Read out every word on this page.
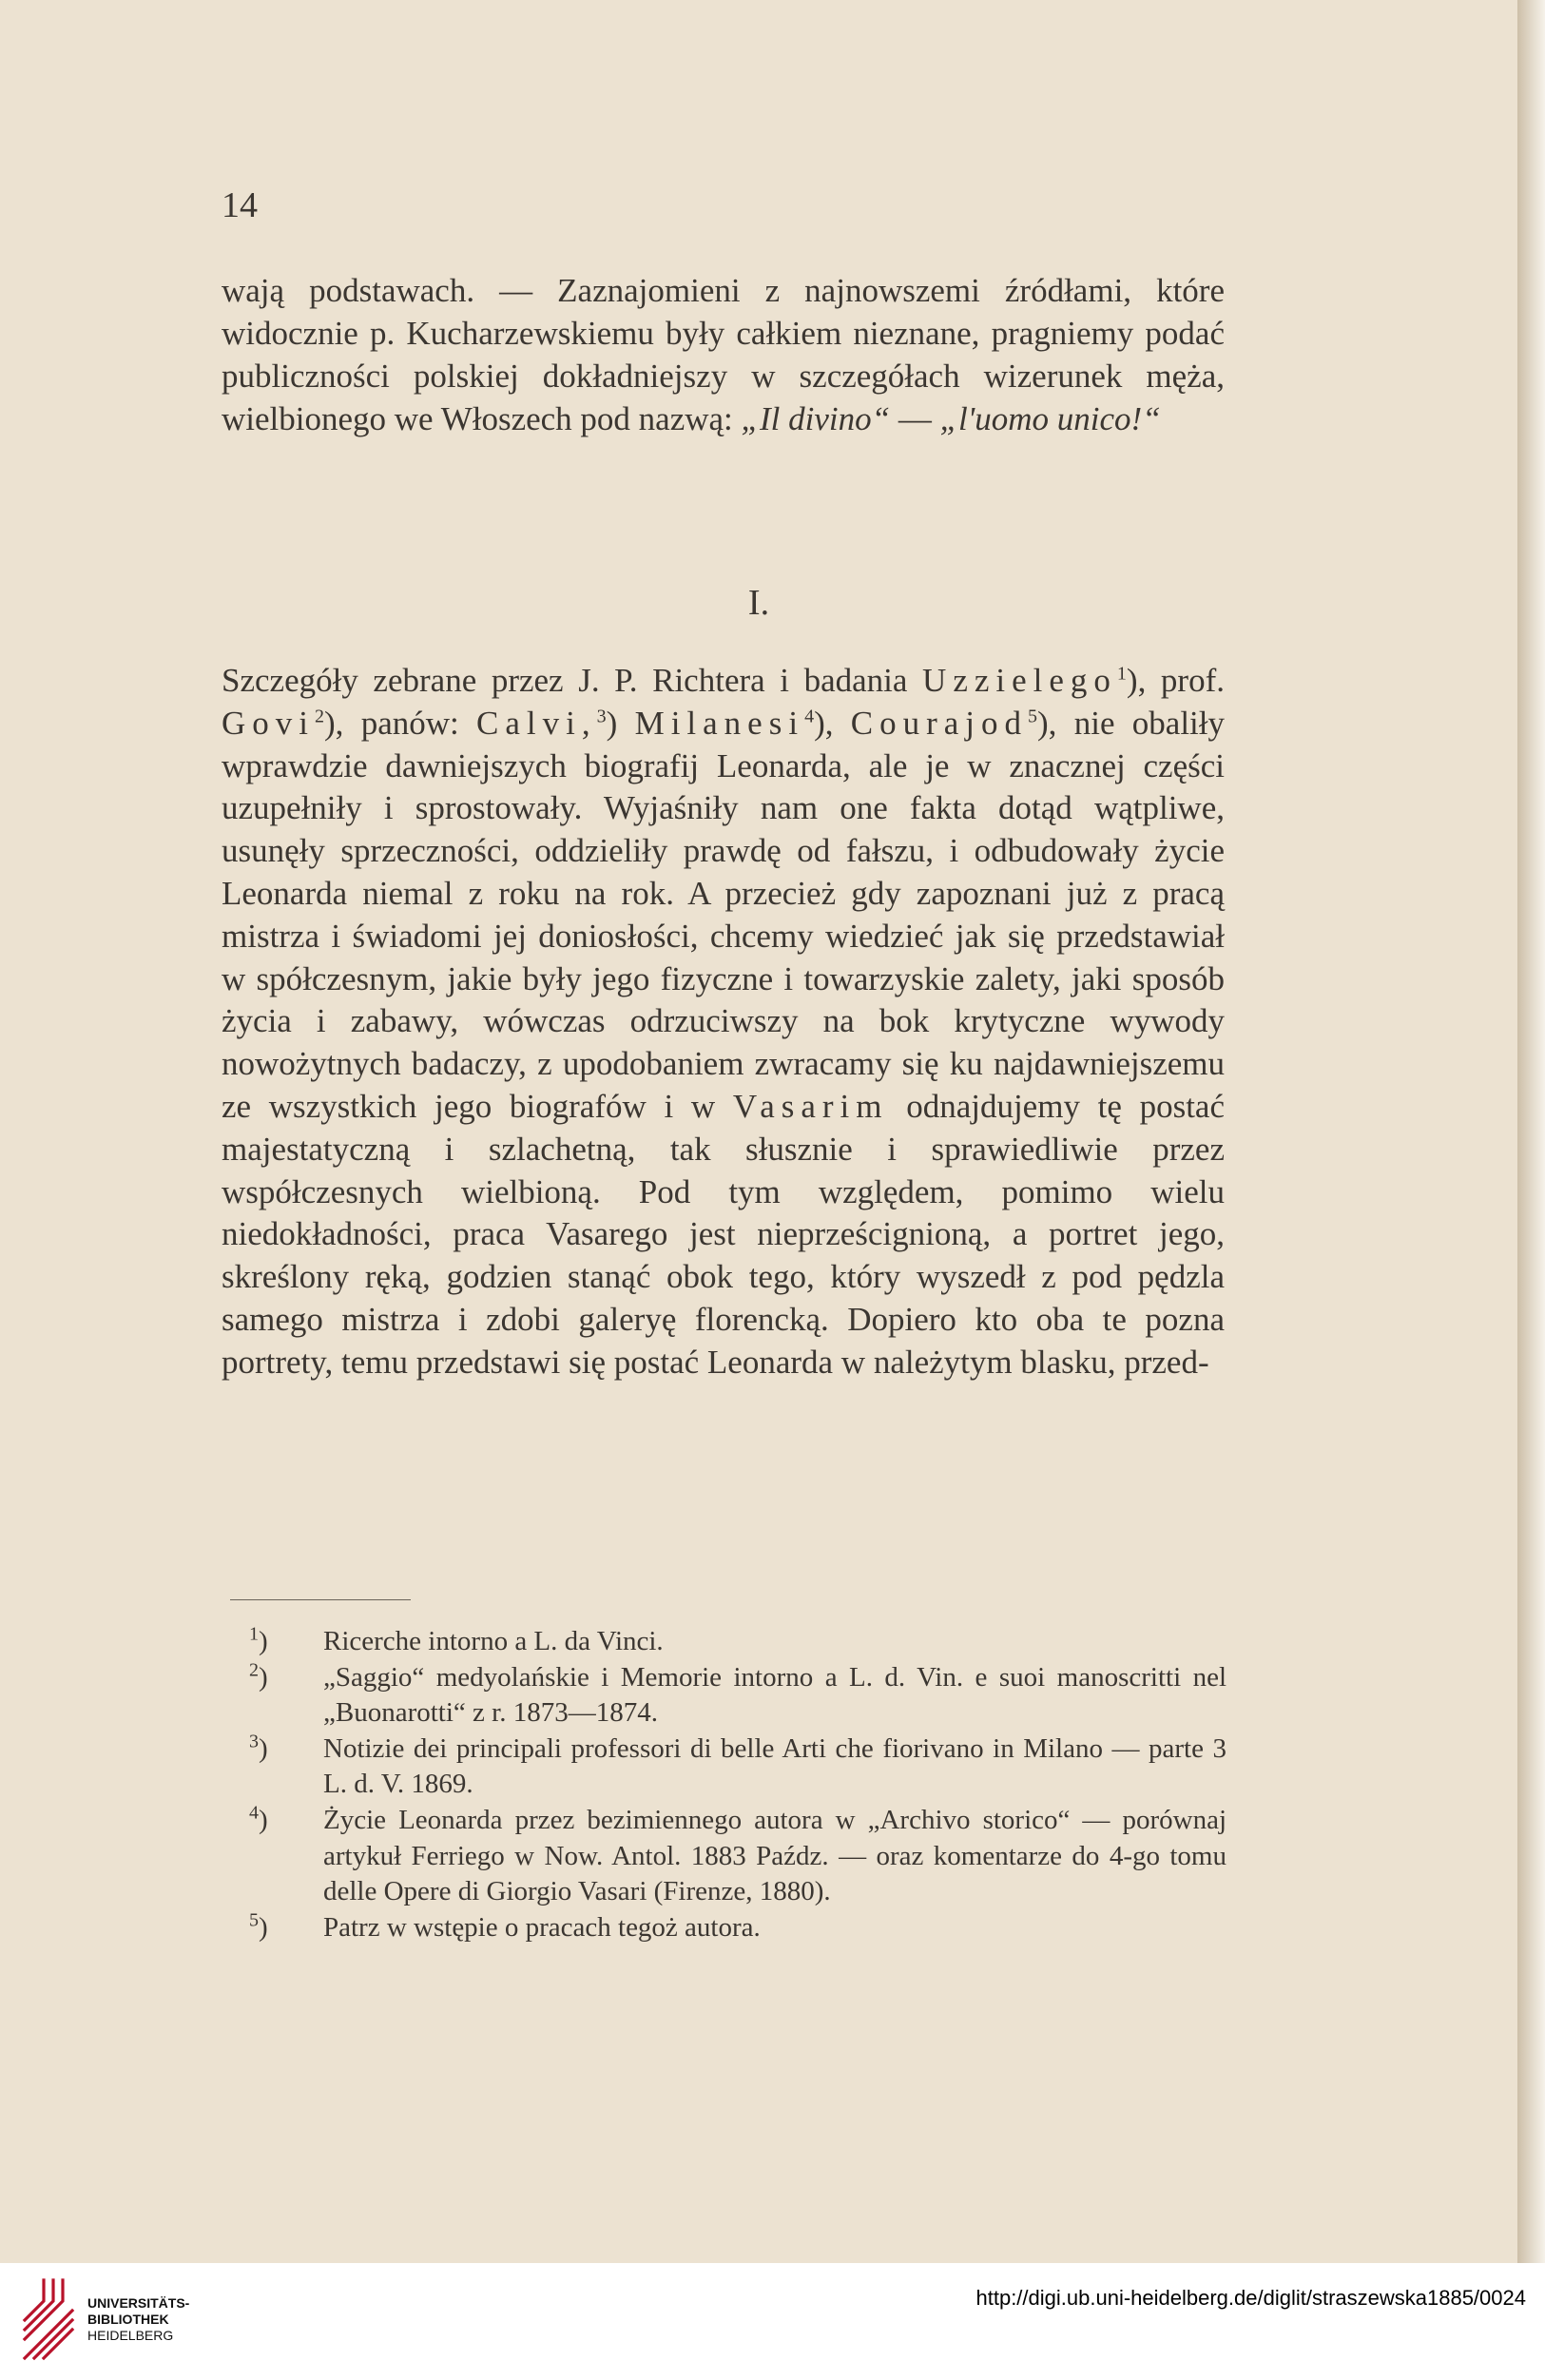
14
wają podstawach. — Zaznajomieni z najnowszemi źródłami, które widocznie p. Kucharzewskiemu były całkiem nieznane, pragniemy podać publiczności polskiej dokładniejszy w szczegółach wizerunek męża, wielbionego we Włoszech pod nazwą: „Il divino“ — „l'uomo unico!“
I.
Szczegóły zebrane przez J. P. Richtera i badania Uzzielego$^1$), prof. Govi$^2$), panów: Calvi,$^3$) Milanesi$^4$), Courajod$^5$), nie obaliły wprawdzie dawniejszych biografij Leonarda, ale je w znacznej części uzupełniły i sprostowały. Wyjaśniły nam one fakta dotąd wątpliwe, usunęły sprzeczności, oddzieliły prawdę od fałszu, i odbudowały życie Leonarda niemal z roku na rok. A przecież gdy zapoznani już z pracą mistrza i świadomi jej doniosłości, chcemy wiedzieć jak się przedstawiał w spółczesnym, jakie były jego fizyczne i towarzyskie zalety, jaki sposób życia i zabawy, wówczas odrzuciwszy na bok krytyczne wywody nowożytnych badaczy, z upodobaniem zwracamy się ku najdawniejszemu ze wszystkich jego biografów i w Vasarim odnajdujemy tę postać majestatyczną i szlachetną, tak słusznie i sprawiedliwie przez współczesnych wielbioną. Pod tym względem, pomimo wielu niedokładności, praca Vasarego jest nieprześcignioną, a portret jego, skreślony ręką, godzien stanąć obok tego, który wyszedł z pod pędzla samego mistrza i zdobi galeryę florencką. Dopiero kto oba te pozna portrety, temu przedstawi się postać Leonarda w należytym blasku, przed-
$^1$) Ricerche intorno a L. da Vinci.
$^2$) „Saggio“ medyolańskie i Memorie intorno a L. d. Vin. e suoi manoscritti nel „Buonarotti“ z r. 1873—1874.
$^3$) Notizie dei principali professori di belle Arti che fiorivano in Milano — parte 3 L. d. V. 1869.
$^4$) Życie Leonarda przez bezimiennego autora w „Archivo storico“ — porównaj artykuł Ferriego w Now. Antol. 1883 Paźdz. — oraz komentarze do 4-go tomu delle Opere di Giorgio Vasari (Firenze, 1880).
$^5$) Patrz w wstępie o pracach tegoż autora.
UNIVERSITÄTS-
BIBLIOTHEK
HEIDELBERG
http://digi.ub.uni-heidelberg.de/diglit/straszewska1885/0024
